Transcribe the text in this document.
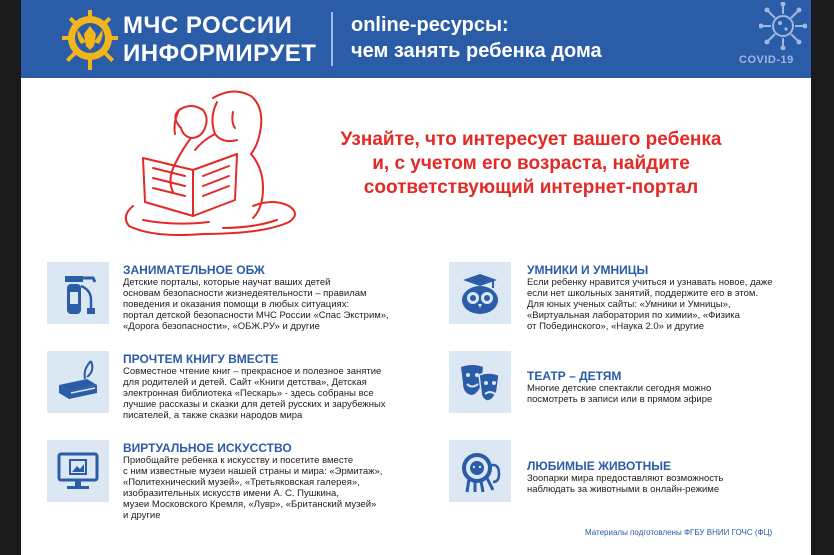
МЧС РОССИИ
ИНФОРМИРУЕТ
online-ресурсы:
чем занять ребенка дома	COVID-19
Узнайте, что интересует вашего ребенка
и, с учетом его возраста, найдите
соответствующий интернет-портал
ЗАНИМАТЕЛЬНОЕ ОБЖ
Детские порталы, которые научат ваших детей
основам безопасности жизнедеятельности – правилам
поведения и оказания помощи в любых ситуациях:
портал детской безопасности МЧС России «Спас Экстрим»,
«Дорога безопасности», «ОБЖ.РУ» и другие
ПРОЧТЕМ КНИГУ ВМЕСТЕ
Совместное чтение книг – прекрасное и полезное занятие
для родителей и детей. Сайт «Книги детства», Детская
электронная библиотека «Пескарь» - здесь собраны все
лучшие рассказы и сказки для детей русских и зарубежных
писателей, а также сказки народов мира
ВИРТУАЛЬНОЕ ИСКУССТВО
Приобщайте ребенка к искусству и посетите вместе
с ним известные музеи нашей страны и мира: «Эрмитаж»,
«Политехнический музей», «Третьяковская галерея»,
изобразительных искусств имени А. С. Пушкина,
музеи Московского Кремля, «Лувр», «Британский музей»
и другие
УМНИКИ И УМНИЦЫ
Если ребенку нравится учиться и узнавать новое, даже
если нет школьных занятий, поддержите его в этом.
Для юных ученых сайты: «Умники и Умницы»,
«Виртуальная лаборатория по химии», «Физика
от Побединского», «Наука 2.0» и другие
ТЕАТР – ДЕТЯМ
Многие детские спектакли сегодня можно
посмотреть в записи или в прямом эфире
ЛЮБИМЫЕ ЖИВОТНЫЕ
Зоопарки мира предоставляют возможность
наблюдать за животными в онлайн-режиме
Материалы подготовлены ФГБУ ВНИИ ГОЧС (ФЦ)
